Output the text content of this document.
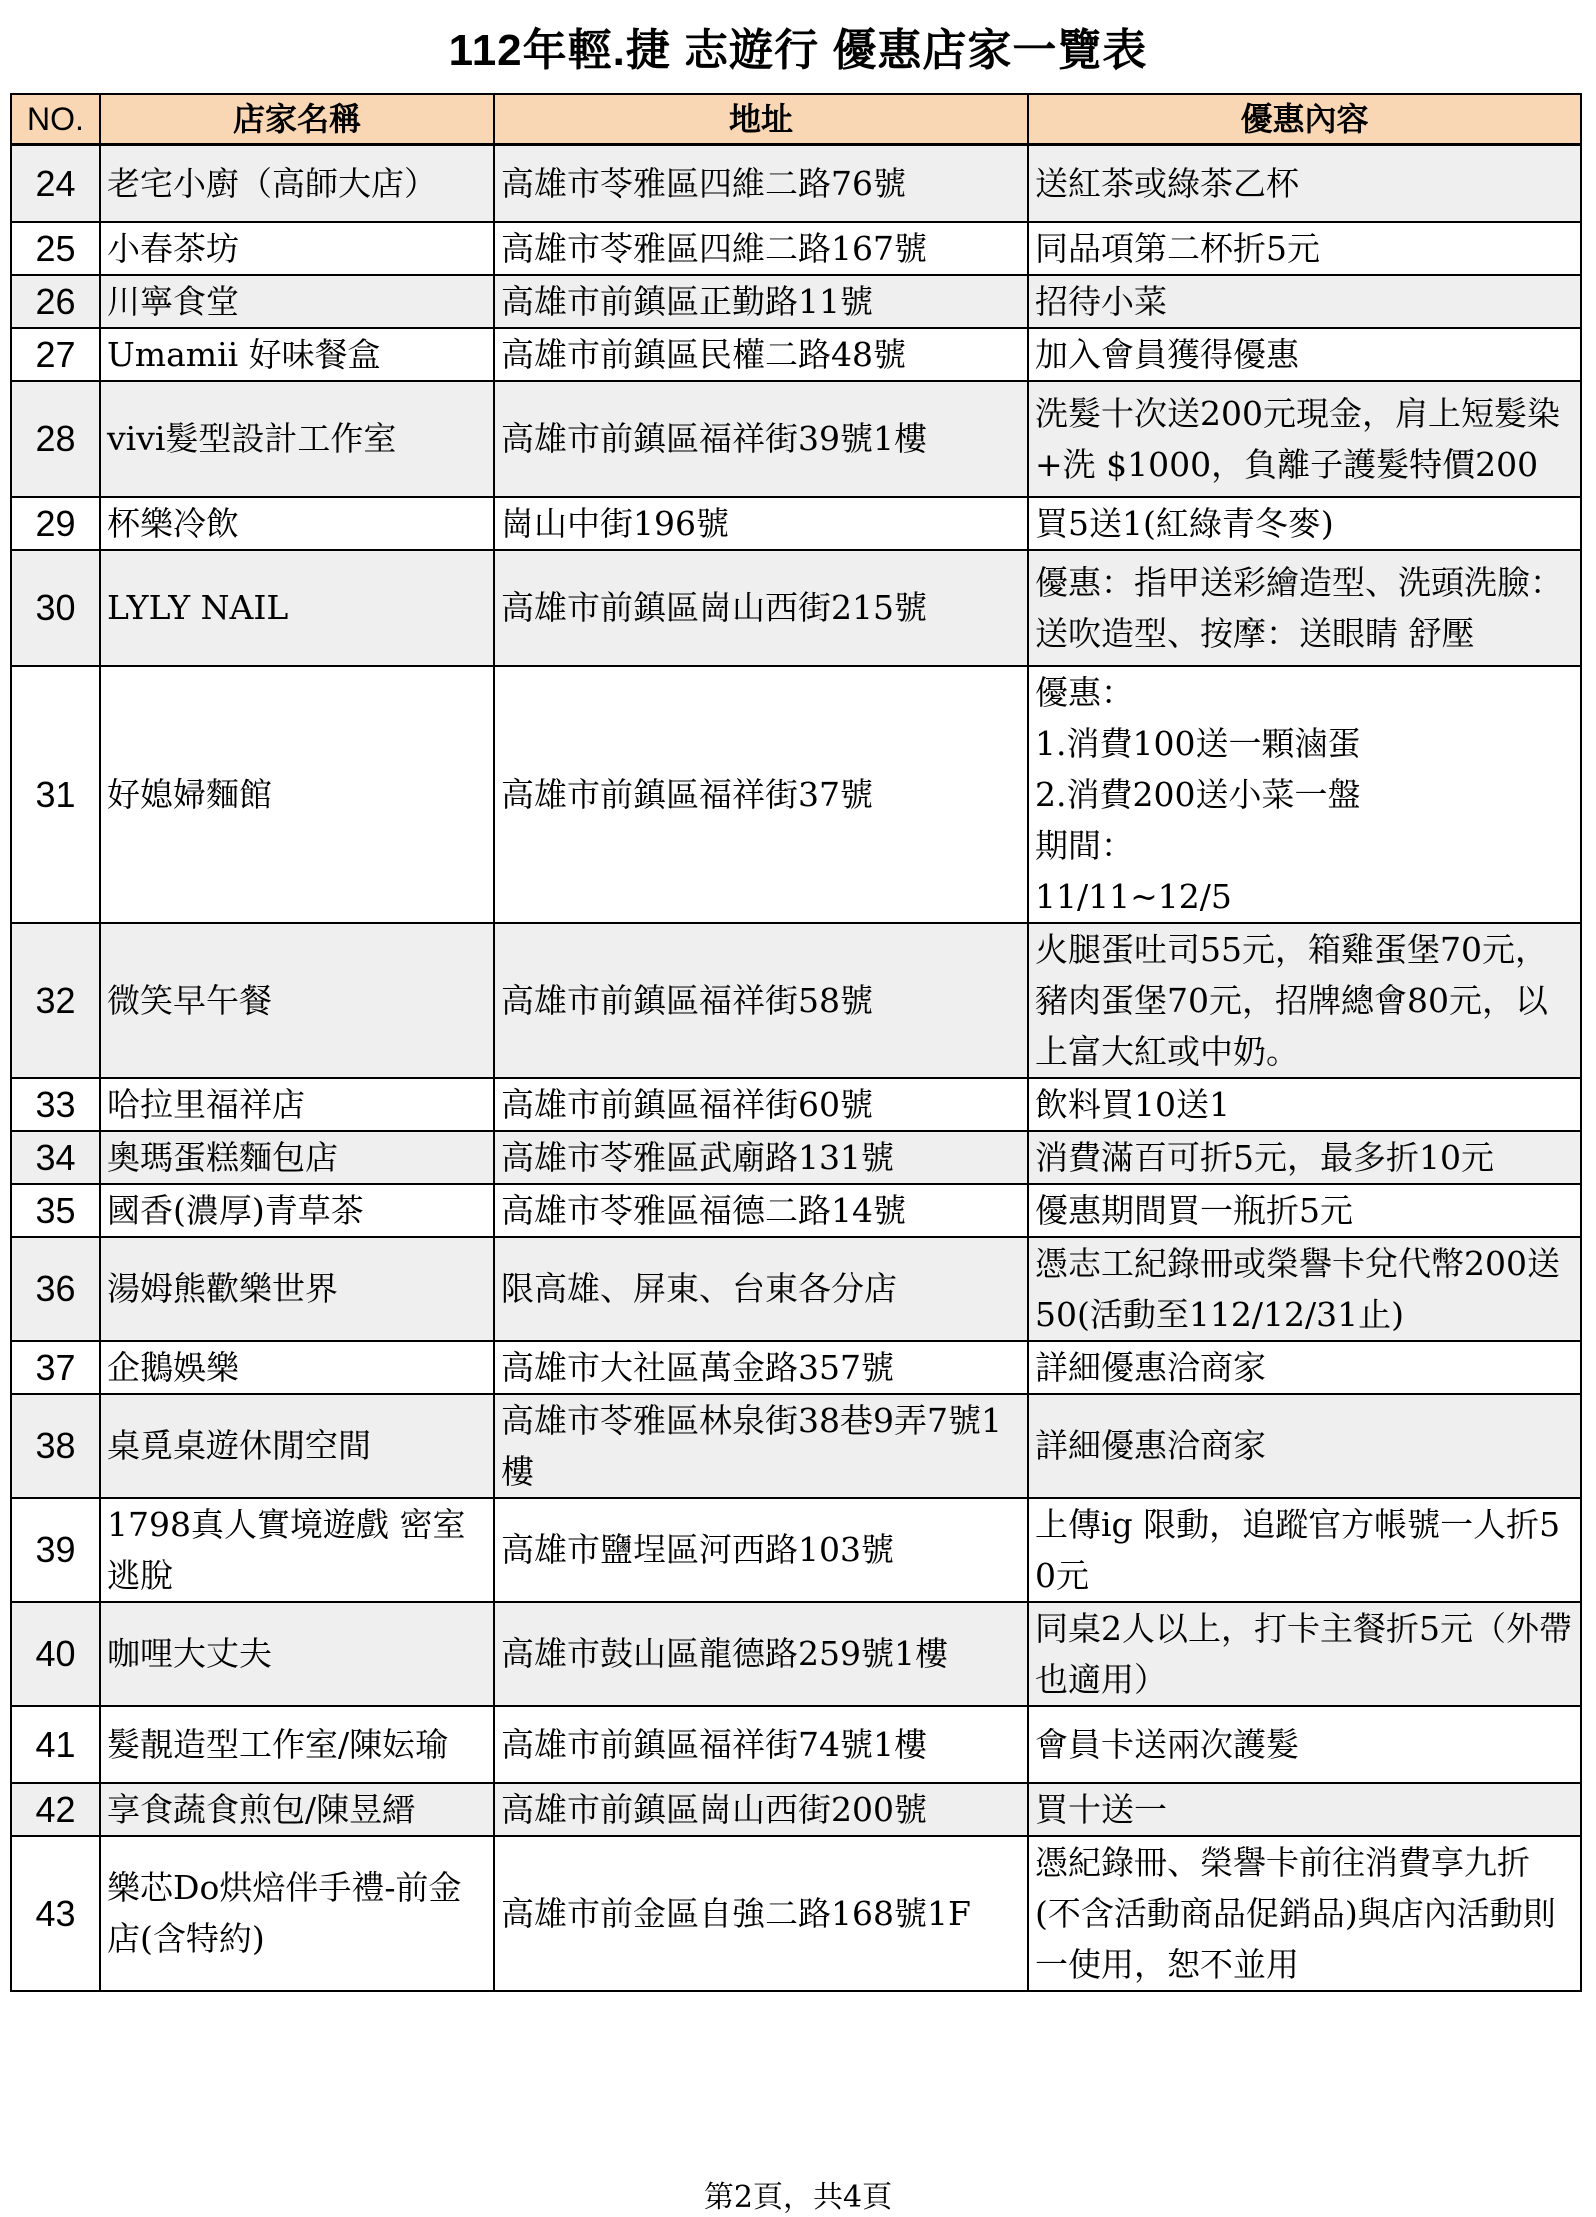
112年輕.捷 志遊行 優惠店家一覽表
NO.	店家名稱	地址	優惠內容
24	老宅小廚（高師大店）	高雄市苓雅區四維二路76號	送紅茶或綠茶乙杯

25	小春茶坊	高雄市苓雅區四維二路167號	同品項第二杯折5元

26	川寧食堂	高雄市前鎮區正勤路11號	招待小菜

27	Umamii 好味餐盒	高雄市前鎮區民權二路48號	加入會員獲得優惠

28	vivi髮型設計工作室	高雄市前鎮區福祥街39號1樓	洗髮十次送200元現金，肩上短髮染+洗 $1000，負離子護髮特價200

29	杯樂冷飲	崗山中街196號	買5送1(紅綠青冬麥)

30	LYLY NAIL	高雄市前鎮區崗山西街215號	優惠：指甲送彩繪造型、洗頭洗臉：送吹造型、按摩：送眼睛 舒壓

31	好媳婦麵館	高雄市前鎮區福祥街37號	優惠：
1.消費100送一顆滷蛋
2.消費200送小菜一盤
期間：
11/11~12/5

32	微笑早午餐	高雄市前鎮區福祥街58號	火腿蛋吐司55元，箱雞蛋堡70元，豬肉蛋堡70元，招牌總會80元，以上富大紅或中奶。

33	哈拉里福祥店	高雄市前鎮區福祥街60號	飲料買10送1

34	奧瑪蛋糕麵包店	高雄市苓雅區武廟路131號	消費滿百可折5元，最多折10元

35	國香(濃厚)青草茶	高雄市苓雅區福德二路14號	優惠期間買一瓶折5元

36	湯姆熊歡樂世界	限高雄、屏東、台東各分店	憑志工紀錄冊或榮譽卡兌代幣200送50(活動至112/12/31止)

37	企鵝娛樂	高雄市大社區萬金路357號	詳細優惠洽商家

38	桌覓桌遊休閒空間	高雄市苓雅區林泉街38巷9弄7號1樓	詳細優惠洽商家

39	1798真人實境遊戲 密室逃脫	高雄市鹽埕區河西路103號	上傳ig 限動，追蹤官方帳號一人折50元

40	咖哩大丈夫	高雄市鼓山區龍德路259號1樓	同桌2人以上，打卡主餐折5元（外帶也適用）

41	髮靚造型工作室/陳妘瑜	高雄市前鎮區福祥街74號1樓	會員卡送兩次護髮

42	享食蔬食煎包/陳昱縉	高雄市前鎮區崗山西街200號	買十送一

43	樂芯Do烘焙伴手禮-前金店(含特約)	高雄市前金區自強二路168號1F	憑紀錄冊、榮譽卡前往消費享九折(不含活動商品促銷品)與店內活動則一使用，恕不並用
第2頁，共4頁
